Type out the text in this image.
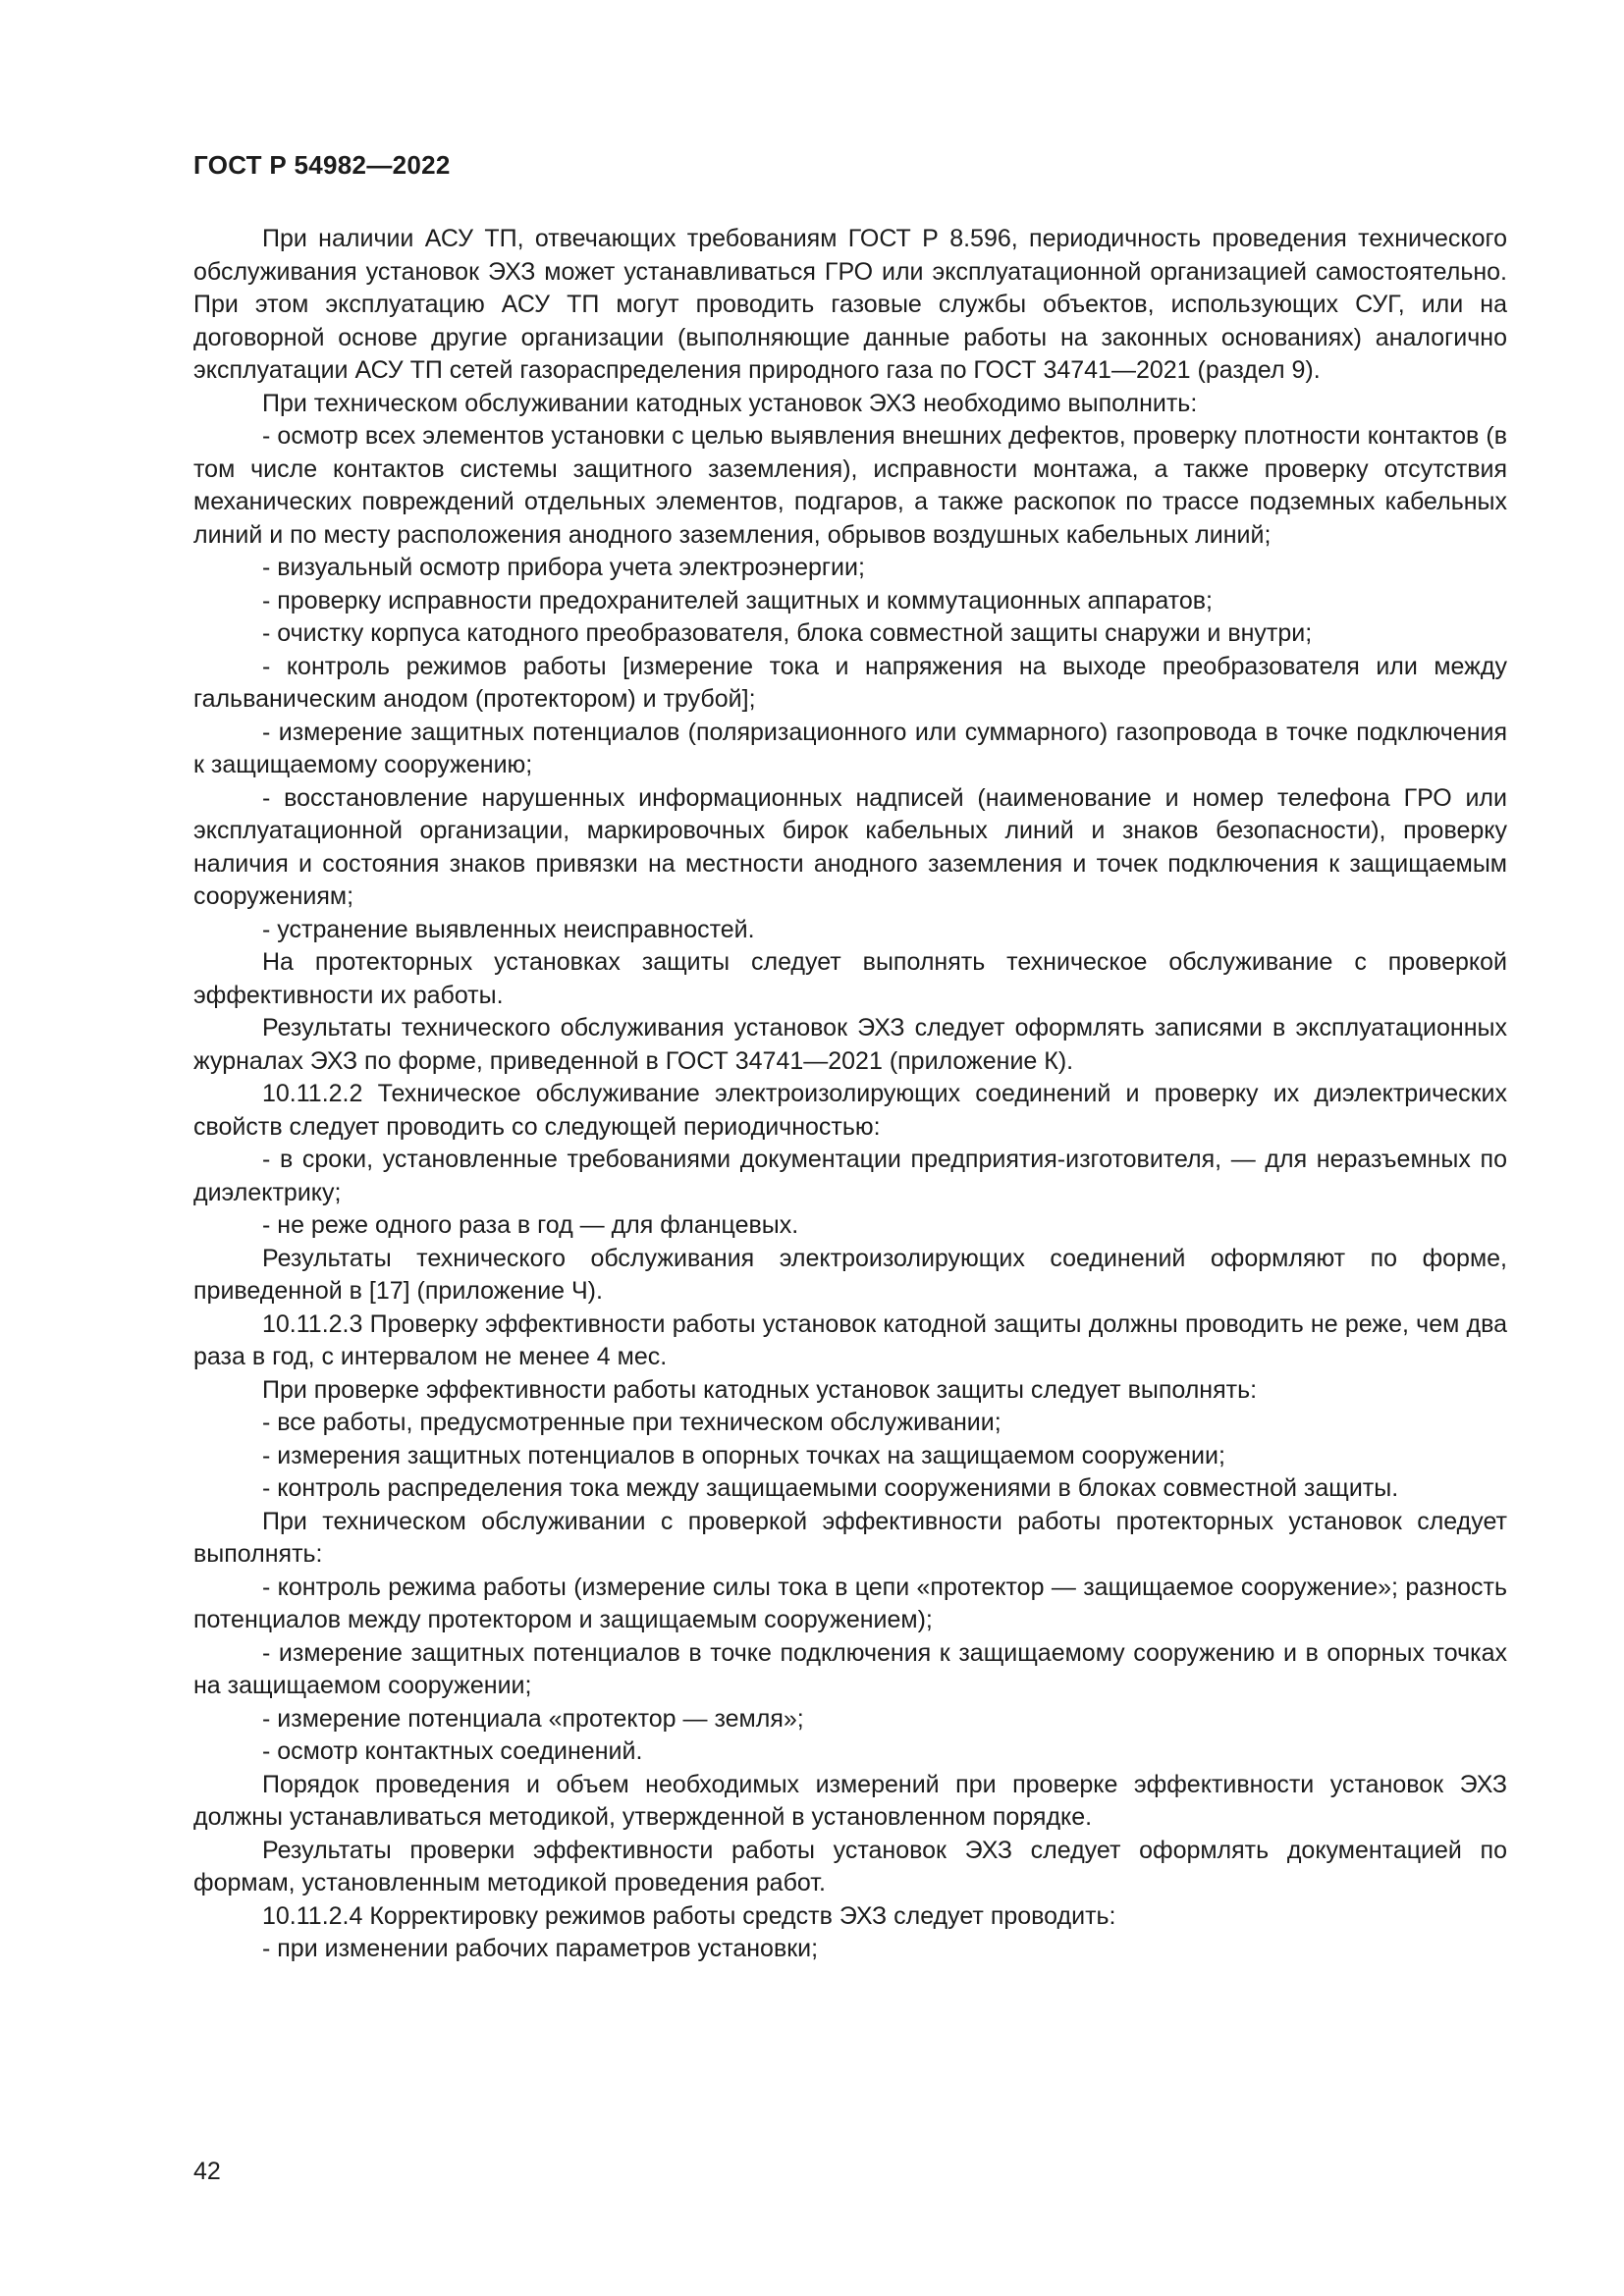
ГОСТ Р 54982—2022

При наличии АСУ ТП, отвечающих требованиям ГОСТ Р 8.596, периодичность проведения технического обслуживания установок ЭХЗ может устанавливаться ГРО или эксплуатационной организацией самостоятельно. При этом эксплуатацию АСУ ТП могут проводить газовые службы объектов, использующих СУГ, или на договорной основе другие организации (выполняющие данные работы на законных основаниях) аналогично эксплуатации АСУ ТП сетей газораспределения природного газа по ГОСТ 34741—2021 (раздел 9).

При техническом обслуживании катодных установок ЭХЗ необходимо выполнить:

- осмотр всех элементов установки с целью выявления внешних дефектов, проверку плотности контактов (в том числе контактов системы защитного заземления), исправности монтажа, а также проверку отсутствия механических повреждений отдельных элементов, подгаров, а также раскопок по трассе подземных кабельных линий и по месту расположения анодного заземления, обрывов воздушных кабельных линий;

- визуальный осмотр прибора учета электроэнергии;

- проверку исправности предохранителей защитных и коммутационных аппаратов;

- очистку корпуса катодного преобразователя, блока совместной защиты снаружи и внутри;

- контроль режимов работы [измерение тока и напряжения на выходе преобразователя или между гальваническим анодом (протектором) и трубой];

- измерение защитных потенциалов (поляризационного или суммарного) газопровода в точке подключения к защищаемому сооружению;

- восстановление нарушенных информационных надписей (наименование и номер телефона ГРО или эксплуатационной организации, маркировочных бирок кабельных линий и знаков безопасности), проверку наличия и состояния знаков привязки на местности анодного заземления и точек подключения к защищаемым сооружениям;

- устранение выявленных неисправностей.

На протекторных установках защиты следует выполнять техническое обслуживание с проверкой эффективности их работы.

Результаты технического обслуживания установок ЭХЗ следует оформлять записями в эксплуатационных журналах ЭХЗ по форме, приведенной в ГОСТ 34741—2021 (приложение К).

10.11.2.2 Техническое обслуживание электроизолирующих соединений и проверку их диэлектрических свойств следует проводить со следующей периодичностью:

- в сроки, установленные требованиями документации предприятия-изготовителя, — для неразъемных по диэлектрику;

- не реже одного раза в год — для фланцевых.

Результаты технического обслуживания электроизолирующих соединений оформляют по форме, приведенной в [17] (приложение Ч).

10.11.2.3 Проверку эффективности работы установок катодной защиты должны проводить не реже, чем два раза в год, с интервалом не менее 4 мес.

При проверке эффективности работы катодных установок защиты следует выполнять:

- все работы, предусмотренные при техническом обслуживании;

- измерения защитных потенциалов в опорных точках на защищаемом сооружении;

- контроль распределения тока между защищаемыми сооружениями в блоках совместной защиты.

При техническом обслуживании с проверкой эффективности работы протекторных установок следует выполнять:

- контроль режима работы (измерение силы тока в цепи «протектор — защищаемое сооружение»; разность потенциалов между протектором и защищаемым сооружением);

- измерение защитных потенциалов в точке подключения к защищаемому сооружению и в опорных точках на защищаемом сооружении;

- измерение потенциала «протектор — земля»;

- осмотр контактных соединений.

Порядок проведения и объем необходимых измерений при проверке эффективности установок ЭХЗ должны устанавливаться методикой, утвержденной в установленном порядке.

Результаты проверки эффективности работы установок ЭХЗ следует оформлять документацией по формам, установленным методикой проведения работ.

10.11.2.4 Корректировку режимов работы средств ЭХЗ следует проводить:

- при изменении рабочих параметров установки;

42
